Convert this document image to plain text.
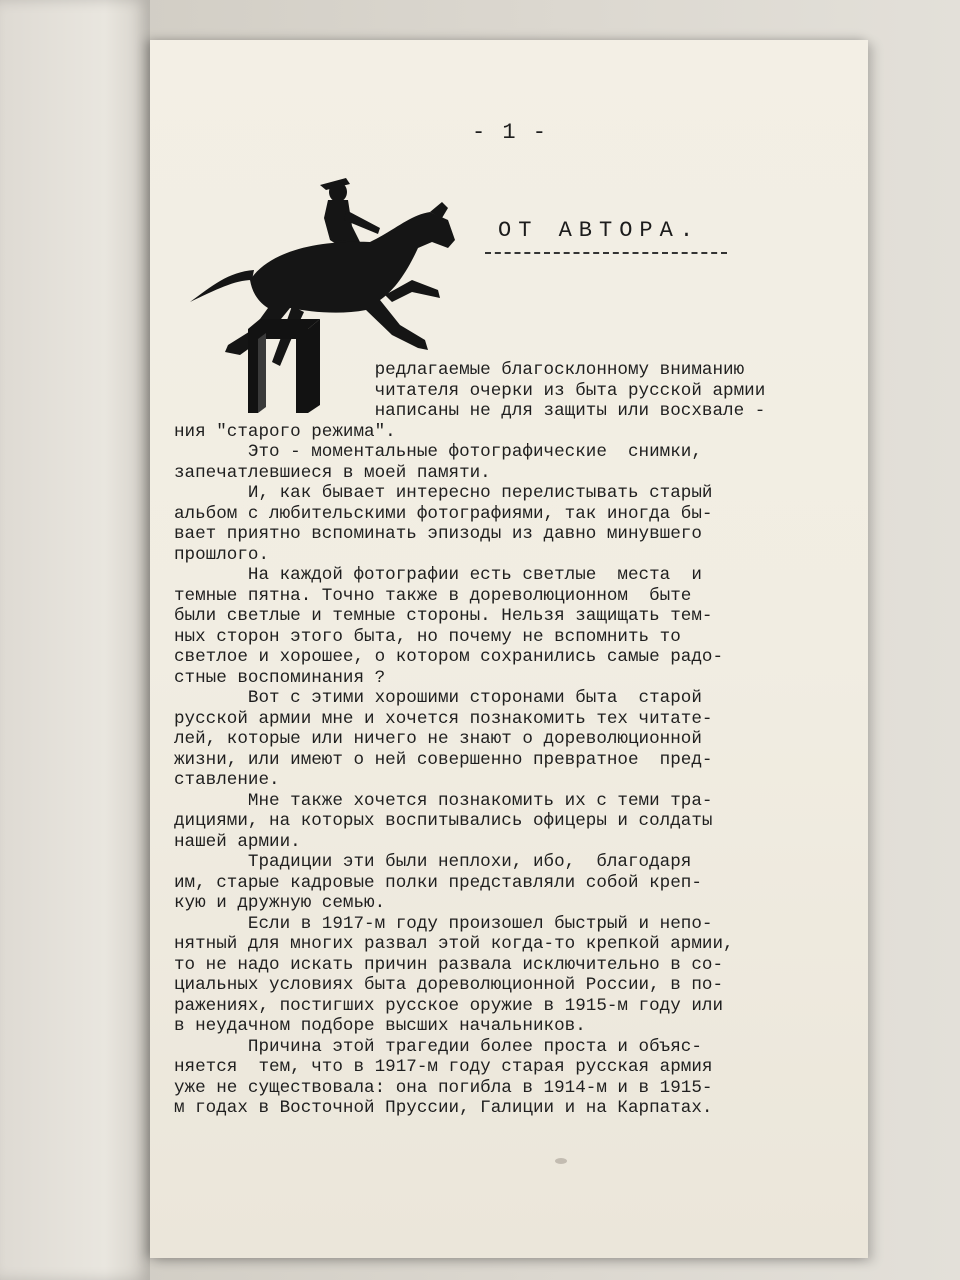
- 1 -
ОТ АВТОРА.
редлагаемые благосклонному вниманию
читателя очерки из быта русской армии
написаны не для защиты или восхвале -
ния "старого режима".
Это - моментальные фотографические  снимки,
запечатлевшиеся в моей памяти.
И, как бывает интересно перелистывать старый
альбом с любительскими фотографиями, так иногда бы-
вает приятно вспоминать эпизоды из давно минувшего
прошлого.
На каждой фотографии есть светлые  места  и
темные пятна. Точно также в дореволюционном  быте
были светлые и темные стороны. Нельзя защищать тем-
ных сторон этого быта, но почему не вспомнить то
светлое и хорошее, о котором сохранились самые радо-
стные воспоминания ?
Вот с этими хорошими сторонами быта  старой
русской армии мне и хочется познакомить тех читате-
лей, которые или ничего не знают о дореволюционной
жизни, или имеют о ней совершенно превратное  пред-
ставление.
Мне также хочется познакомить их с теми тра-
дициями, на которых воспитывались офицеры и солдаты
нашей армии.
Традиции эти были неплохи, ибо,  благодаря
им, старые кадровые полки представляли собой креп-
кую и дружную семью.
Если в 1917-м году произошел быстрый и непо-
нятный для многих развал этой когда-то крепкой армии,
то не надо искать причин развала исключительно в со-
циальных условиях быта дореволюционной России, в по-
ражениях, постигших русское оружие в 1915-м году или
в неудачном подборе высших начальников.
Причина этой трагедии более проста и объяс-
няется  тем, что в 1917-м году старая русская армия
уже не существовала: она погибла в 1914-м и в 1915-
м годах в Восточной Пруссии, Галиции и на Карпатах.
